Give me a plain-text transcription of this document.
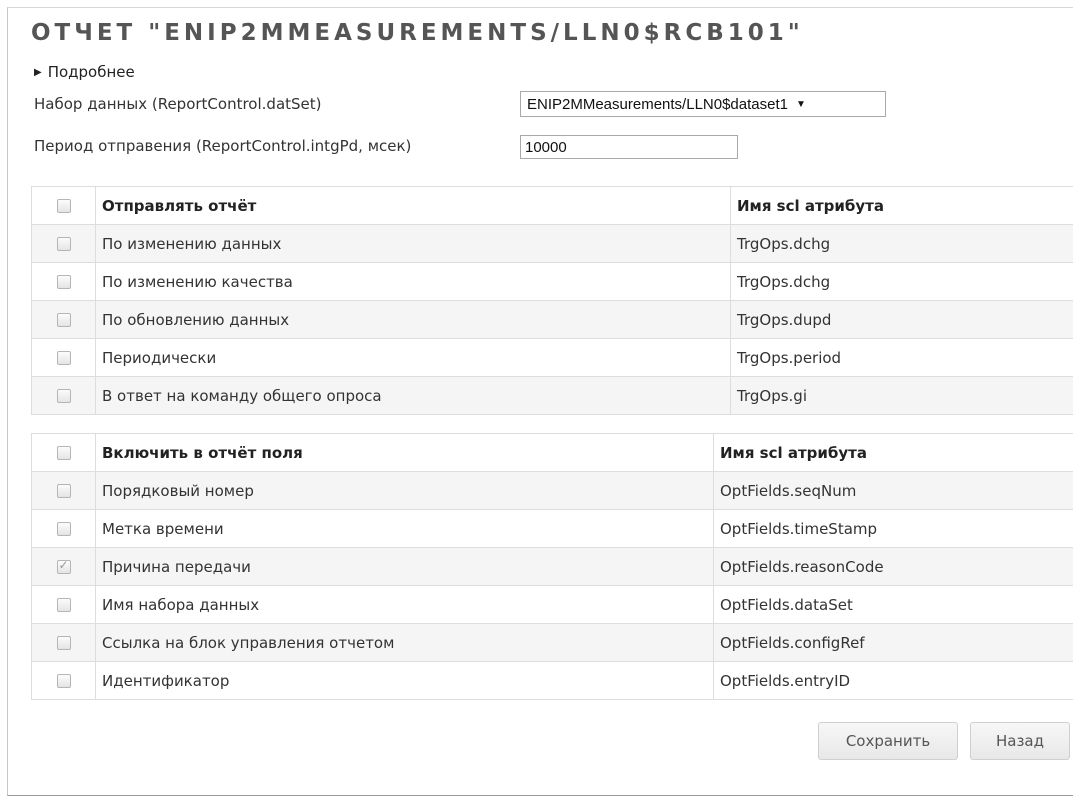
ОТЧЕТ "ENIP2MMEASUREMENTS/LLN0$RCB101"
▶ Подробнее
Набор данных (ReportControl.datSet)	ENIP2MMeasurements/LLN0$dataset1 ▼
Период отправения (ReportControl.intgPd, мсек)
10000
	Отправлять отчёт	Имя scl атрибута
	По изменению данных	TrgOps.dchg
	По изменению качества	TrgOps.dchg
	По обновлению данных	TrgOps.dupd
	Периодически	TrgOps.period
	В ответ на команду общего опроса	TrgOps.gi
	Включить в отчёт поля	Имя scl атрибута
	Порядковый номер	OptFields.seqNum
	Метка времени	OptFields.timeStamp
✓	Причина передачи	OptFields.reasonCode
	Имя набора данных	OptFields.dataSet
	Ссылка на блок управления отчетом	OptFields.configRef
	Идентификатор	OptFields.entryID
Сохранить	Назад
